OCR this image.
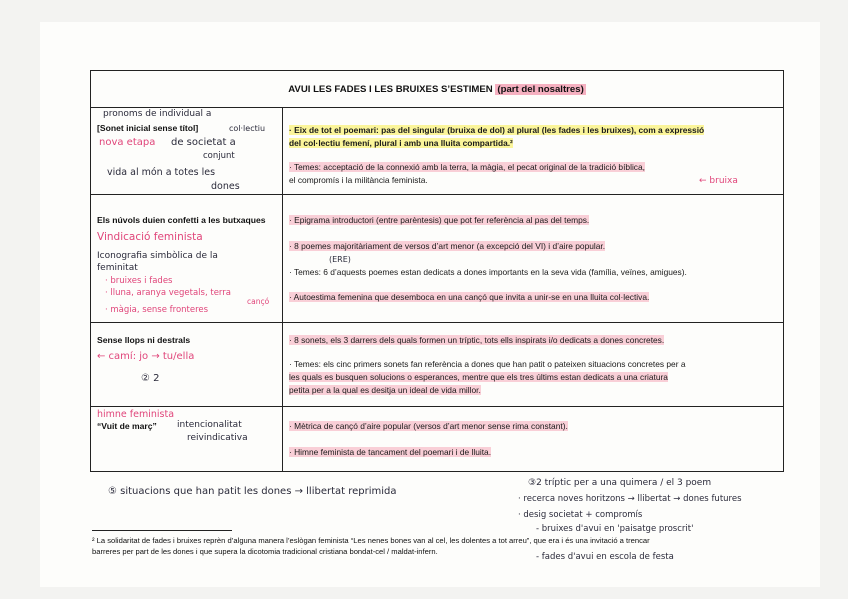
AVUI LES FADES I LES BRUIXES S’ESTIMEN
(part del nosaltres)
pronoms de individual a
[Sonet inicial sense títol]	col·lectiu
nova etapa de societat a
conjunt
vida al món a totes les
dones
· Eix de tot el poemari: pas del singular (bruixa de dol) al plural (les fades i les bruixes), com a expressió
del col·lectiu femení, plural i amb una lluita compartida.²
· Temes: acceptació de la connexió amb la terra, la màgia, el pecat original de la tradició bíblica,
el compromís i la militància feminista.	← bruixa
Els núvols duien confetti a les butxaques
Vindicació feminista
Iconografia simbòlica de la
feminitat
· bruixes i fades
· lluna, aranya vegetals, terra
cançó
· màgia, sense fronteres
· Epigrama introductori (entre parèntesis) que pot fer referència al pas del temps.
· 8 poemes majoritàriament de versos d’art menor (a excepció del VI) i d’aire popular.
(ERE)
· Temes: 6 d’aquests poemes estan dedicats a dones importants en la seva vida (família, veïnes, amigues).
· Autoestima femenina que desemboca en una cançó que invita a unir-se en una lluita col·lectiva.
Sense llops ni destrals
← camí: jo → tu/ella
② 2
· 8 sonets, els 3 darrers dels quals formen un tríptic, tots ells inspirats i/o dedicats a dones concretes.
· Temes: els cinc primers sonets fan referència a dones que han patit o pateixen situacions concretes per a
les quals es busquen solucions o esperances, mentre que els tres últims estan dedicats a una criatura
petita per a la qual es desitja un ideal de vida millor.
himne feminista
“Vuit de març” intencionalitat
reivindicativa
· Mètrica de cançó d’aire popular (versos d’art menor sense rima constant).
· Himne feminista de tancament del poemari i de lluita.
⑤ situacions que han patit les dones → llibertat reprimida
③2 tríptic per a una quimera / el 3 poem
· recerca noves horitzons → llibertat → dones futures
· desig societat + compromís
- bruixes d'avui en 'paisatge proscrit'
- fades d'avui en escola de festa
² La solidaritat de fades i bruixes reprèn d’alguna manera l’eslògan feminista “Les nenes bones van al cel, les dolentes a tot arreu”, que era i és una invitació a trencar
barreres per part de les dones i que supera la dicotomia tradicional cristiana bondat-cel / maldat-infern.
